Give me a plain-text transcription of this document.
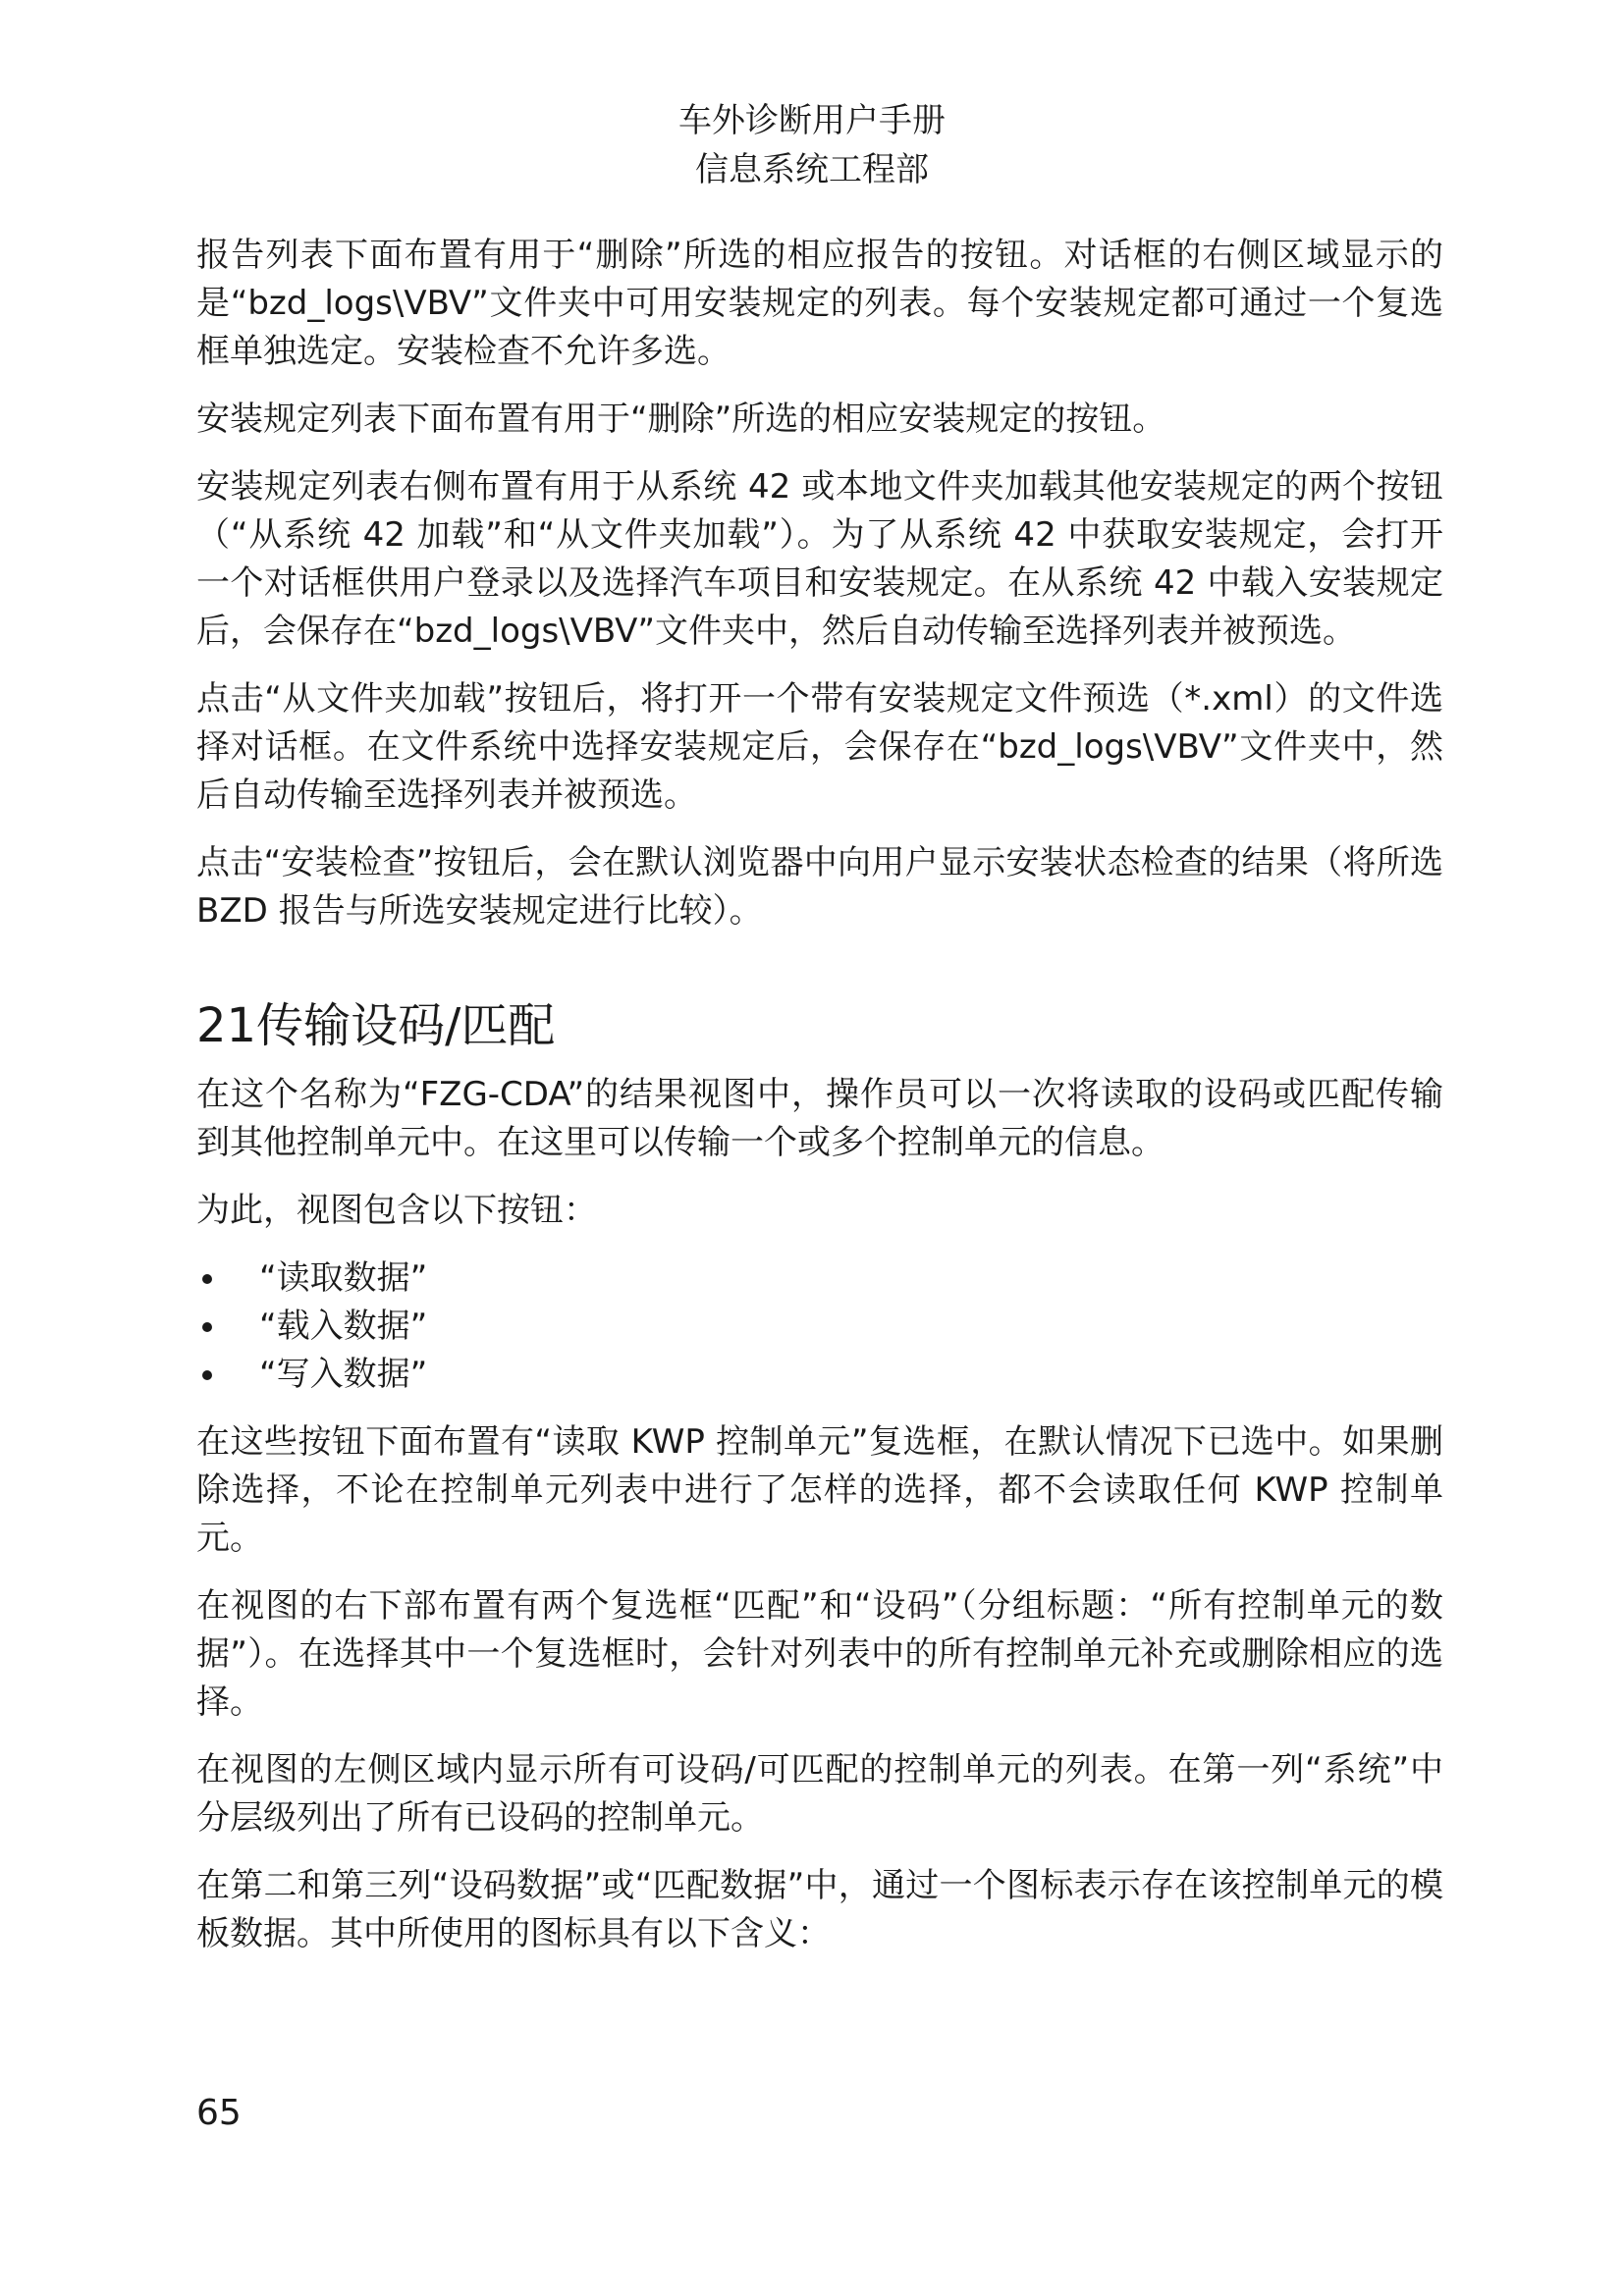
车外诊断用户手册
信息系统工程部

报告列表下面布置有用于“删除”所选的相应报告的按钮。对话框的右侧区域显示的是“bzd_logs\VBV”文件夹中可用安装规定的列表。每个安装规定都可通过一个复选框单独选定。安装检查不允许多选。

安装规定列表下面布置有用于“删除”所选的相应安装规定的按钮。

安装规定列表右侧布置有用于从系统 42 或本地文件夹加载其他安装规定的两个按钮（“从系统 42 加载”和“从文件夹加载”）。为了从系统 42 中获取安装规定，会打开一个对话框供用户登录以及选择汽车项目和安装规定。在从系统 42 中载入安装规定后，会保存在“bzd_logs\VBV”文件夹中，然后自动传输至选择列表并被预选。

点击“从文件夹加载”按钮后，将打开一个带有安装规定文件预选（*.xml）的文件选择对话框。在文件系统中选择安装规定后，会保存在“bzd_logs\VBV”文件夹中，然后自动传输至选择列表并被预选。

点击“安装检查”按钮后，会在默认浏览器中向用户显示安装状态检查的结果（将所选 BZD 报告与所选安装规定进行比较）。

21传输设码/匹配

在这个名称为“FZG-CDA”的结果视图中，操作员可以一次将读取的设码或匹配传输到其他控制单元中。在这里可以传输一个或多个控制单元的信息。

为此，视图包含以下按钮：

“读取数据”
“载入数据”
“写入数据”

在这些按钮下面布置有“读取 KWP 控制单元”复选框，在默认情况下已选中。如果删除选择，不论在控制单元列表中进行了怎样的选择，都不会读取任何 KWP 控制单元。

在视图的右下部布置有两个复选框“匹配”和“设码”（分组标题：“所有控制单元的数据”）。在选择其中一个复选框时，会针对列表中的所有控制单元补充或删除相应的选择。

在视图的左侧区域内显示所有可设码/可匹配的控制单元的列表。在第一列“系统”中分层级列出了所有已设码的控制单元。

在第二和第三列“设码数据”或“匹配数据”中，通过一个图标表示存在该控制单元的模板数据。其中所使用的图标具有以下含义：

65
